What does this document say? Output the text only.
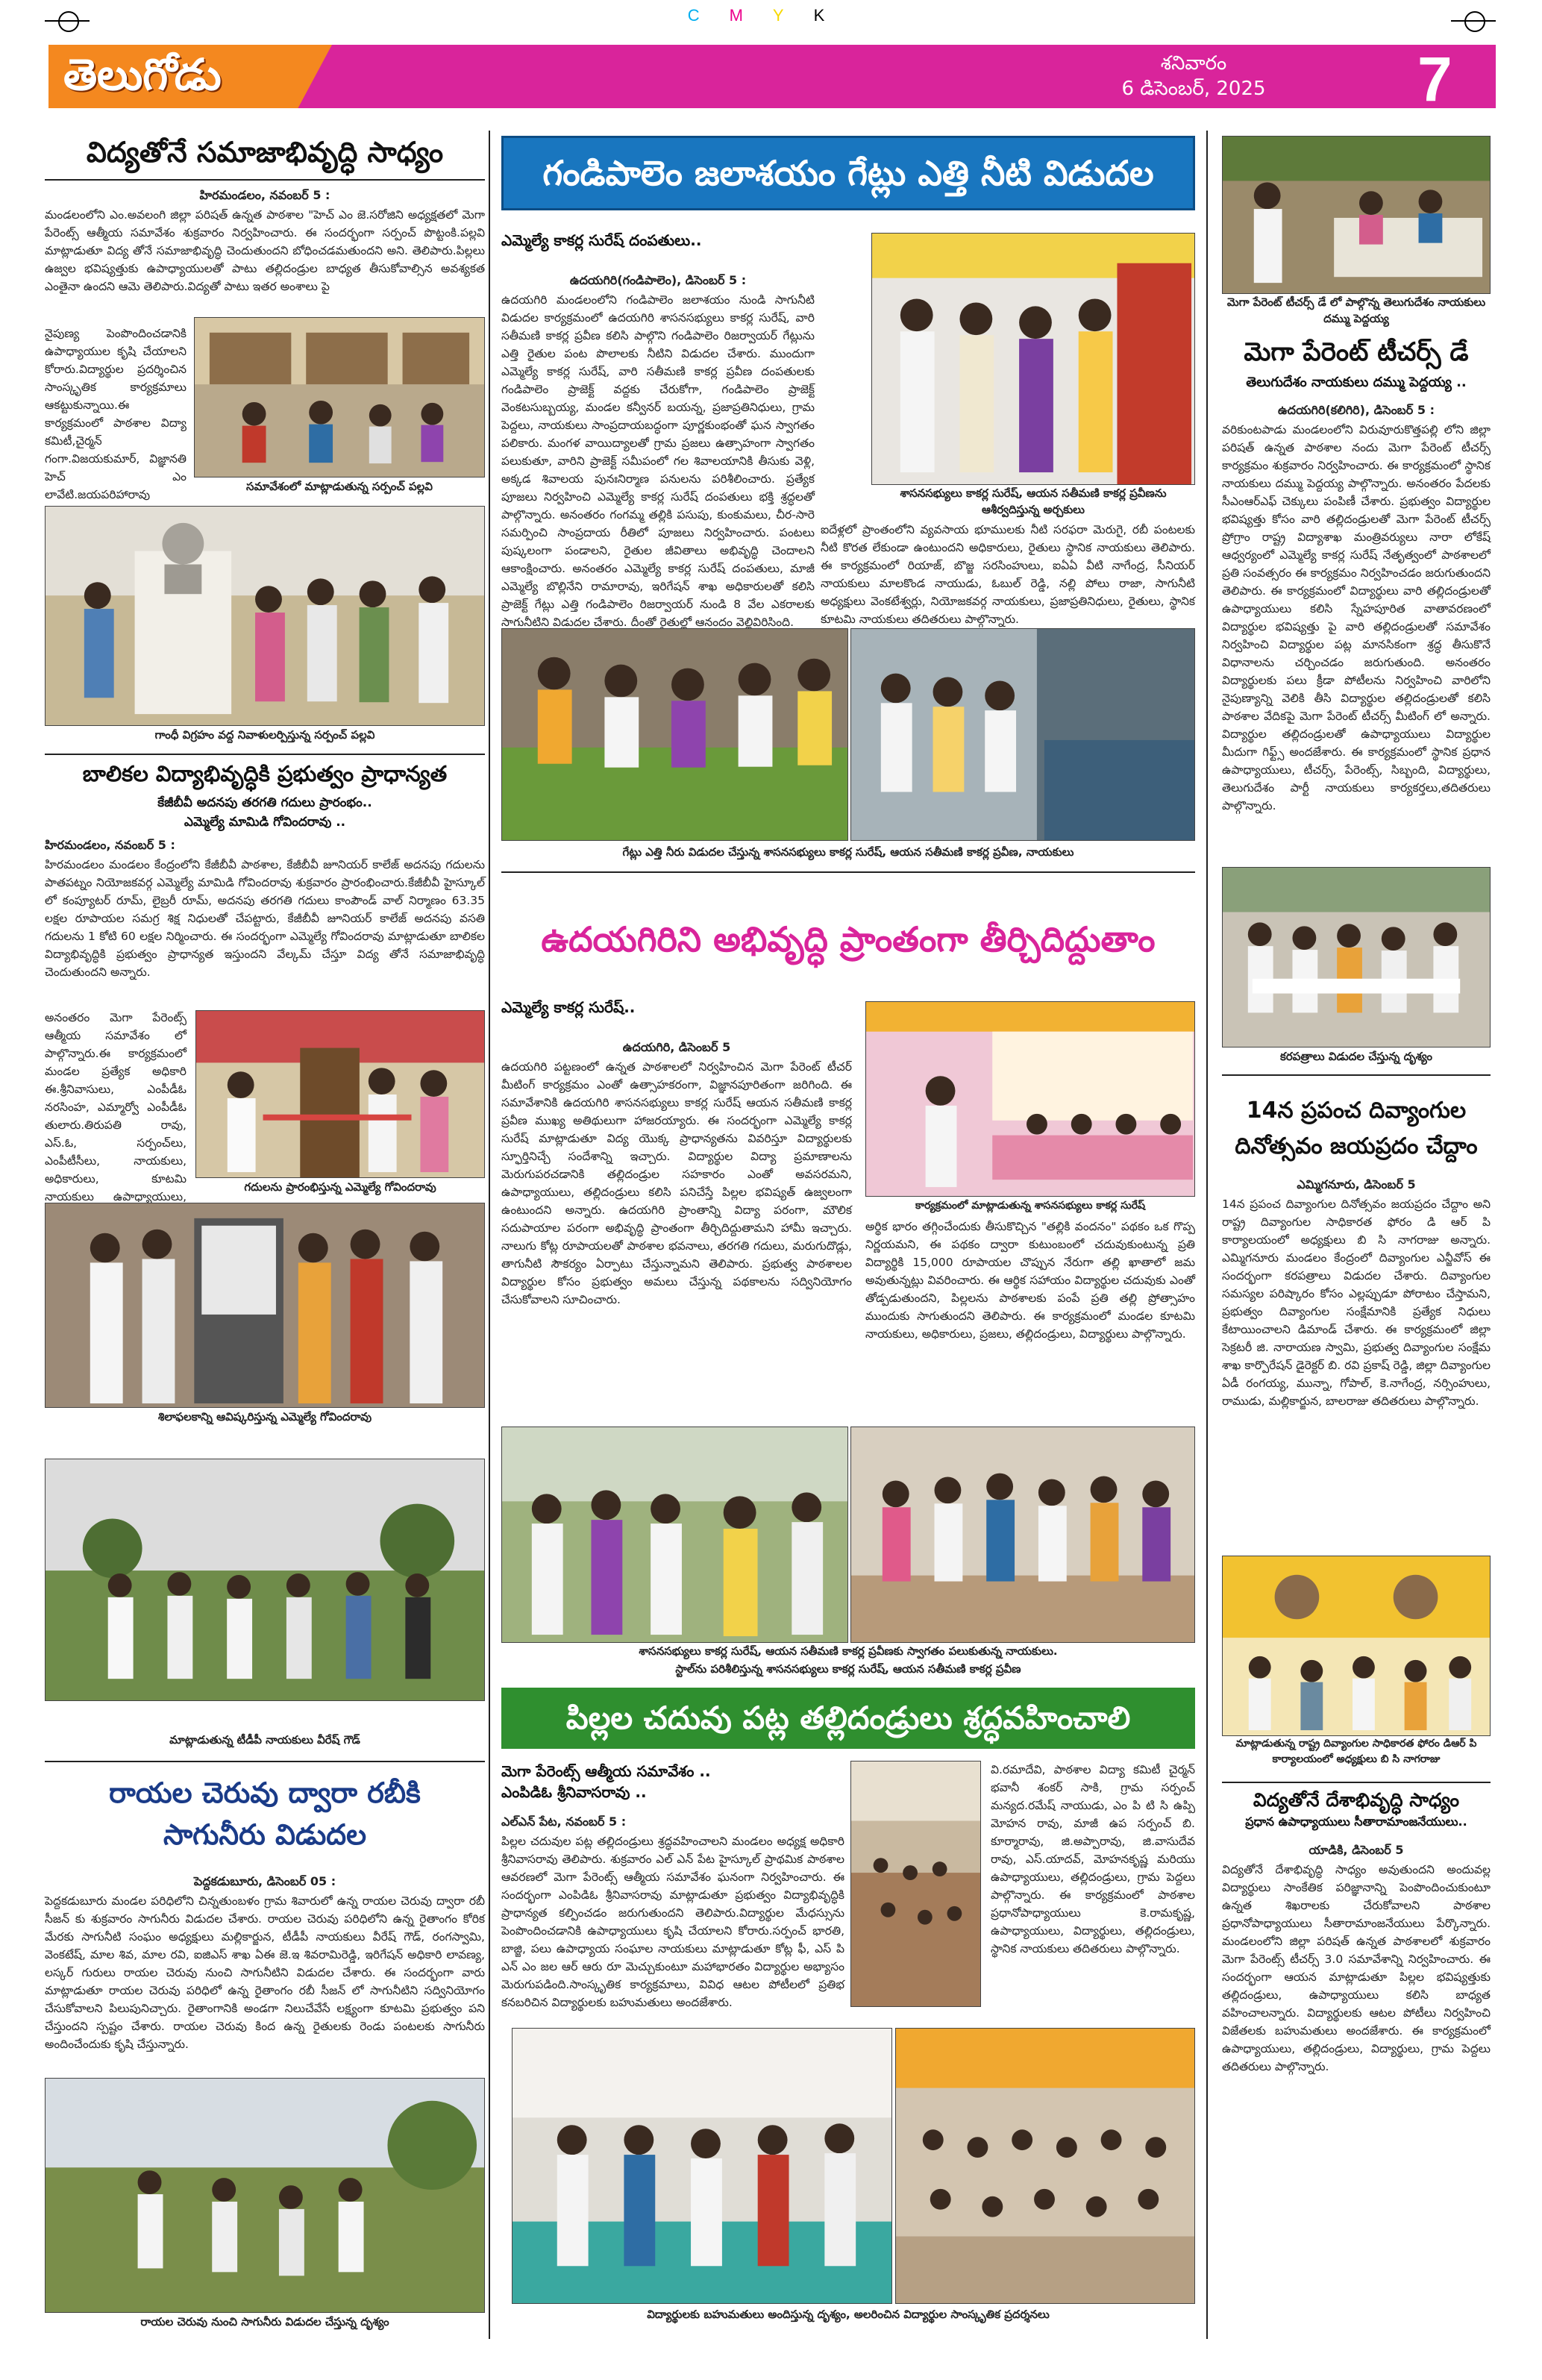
CMYK
తెలుగోడు	శనివారం
6 డిసెంబర్, 2025	7
విద్యతోనే సమాజాభివృద్ధి సాధ్యం
హిరమండలం, నవంబర్ 5 :

మండలంలోని ఎం.అవలంగి జిల్లా పరిషత్ ఉన్నత పాఠశాల "హెచ్ ఎం జె.సరోజిని అధ్యక్షతలో మెగా పేరెంట్స్ ఆత్మీయ సమావేశం శుక్రవారం నిర్వహించారు. ఈ సందర్భంగా సర్పంచ్ పొట్టంకి.పల్లవి మాట్లాడుతూ విద్య తోనే సమాజాభివృద్ధి చెందుతుందని బోధించడమతుందని అని. తెలిపారు.పిల్లలు ఉజ్వల భవిష్యత్తుకు ఉపాధ్యాయులతో పాటు తల్లిదండ్రుల బాధ్యత తీసుకోవాల్సిన అవశ్యకత ఎంతైనా ఉందని ఆమె తెలిపారు.విద్యతో పాటు ఇతర అంశాలు పై

నైపుణ్య పెంపొందించడానికి ఉపాధ్యాయుల కృషి చేయాలని కోరారు.విద్యార్థుల ప్రదర్శించిన సాంస్కృతిక కార్యక్రమాలు ఆకట్టుకున్నాయి.ఈ కార్యక్రమంలో పాఠశాల విద్యా కమిటీ,చైర్మన్ గంగా.విజయకుమార్, విజ్ఞానతి హెచ్ ఎం లావేటి.జయపరిహారావు

సమావేశంలో మాట్లాడుతున్న సర్పంచ్ పల్లవి
గాంధీ విగ్రహం వద్ద నివాళులర్పిస్తున్న సర్పంచ్ పల్లవి
బాలికల విద్యాభివృద్ధికి ప్రభుత్వం ప్రాధాన్యత
కేజీబీవీ అదనపు తరగతి గదులు ప్రారంభం..
ఎమ్మెల్యే మామిడి గోవిందరావు ..
హిరమండలం, నవంబర్ 5 :

హిరమండలం మండలం కేంద్రంలోని కేజీబీవీ పాఠశాల, కేజీబీవీ జూనియర్ కాలేజ్ అదనపు గదులను పాతపట్నం నియోజకవర్గ ఎమ్మెల్యే మామిడి గోవిందరావు శుక్రవారం ప్రారంభించారు.కేజీబీవీ హైస్కూల్ లో కంప్యూటర్ రూమ్, లైబ్రరీ రూమ్, అదనపు తరగతి గదులు కాంపౌండ్ వాల్ నిర్మాణం 63.35 లక్షల రూపాయల సమగ్ర శిక్ష నిధులతో చేపట్టారు, కేజీబీవీ జూనియర్ కాలేజ్ అదనపు వసతి గదులను 1 కోటి 60 లక్షల నిర్మించారు. ఈ సందర్భంగా ఎమ్మెల్యే గోవిందరావు మాట్లాడుతూ బాలికల విద్యాభివృద్ధికి ప్రభుత్వం ప్రాధాన్యత ఇస్తుందని వేల్కమ్ చేస్తూ విద్య తోనే సమాజాభివృద్ధి చెందుతుందని అన్నారు.

అనంతరం మెగా పేరెంట్స్ ఆత్మీయ సమావేశం లో పాల్గొన్నారు.ఈ కార్యక్రమంలో మండల ప్రత్యేక అధికారి ఈ.శ్రీనివాసులు, ఎంపీడీఓ నరసింహ, ఎమ్మార్వో ఎంపీడీఓ తులారు.తిరుపతి రావు, ఎస్.ఓ, సర్పంచ్‌లు, ఎంపీటీసీలు, నాయకులు, అధికారులు, కూటమి నాయకులు ఉపాధ్యాయులు,

గదులను ప్రారంభిస్తున్న ఎమ్మెల్యే గోవిందరావు
శిలాఫలకాన్ని ఆవిష్కరిస్తున్న ఎమ్మెల్యే గోవిందరావు
మాట్లాడుతున్న టీడీపీ నాయకులు వీరేష్ గౌడ్
రాయల చెరువు ద్వారా రబీకి సాగునీరు విడుదల
పెద్దకడుబూరు, డిసెంబర్ 05 :

పెద్దకడుబూరు మండల పరిధిలోని చిన్నతుంబళం గ్రామ శివారులో ఉన్న రాయల చెరువు ద్వారా రబీ సీజన్ కు శుక్రవారం సాగునీరు విడుదల చేశారు. రాయల చెరువు పరిధిలోని ఉన్న రైతాంగం కోరిక మేరకు సాగునీటి సంఘం అధ్యక్షులు మల్లికార్జున, టీడీపీ నాయకులు వీరేష్ గౌడ్, రంగస్వామి, వెంకటేష్, మాల శివ, మాల రవి, ఐజిఎస్ శాఖ ఏఈ జె.ఇ శివరామిరెడ్డి, ఇరిగేషన్ అధికారి లావణ్య, లస్కర్ గురులు రాయల చెరువు నుంచి సాగునీటిని విడుదల చేశారు. ఈ సందర్భంగా వారు మాట్లాడుతూ రాయల చెరువు పరిధిలో ఉన్న రైతాంగం రబీ సీజన్ లో సాగునీటిని సద్వినియోగం చేసుకోవాలని పిలుపునిచ్చారు. రైతాంగానికి అండగా నిలుచేవేసే లక్ష్యంగా కూటమి ప్రభుత్వం పని చేస్తుందని స్పష్టం చేశారు. రాయల చెరువు కింద ఉన్న రైతులకు రెండు పంటలకు సాగునీరు అందించేందుకు కృషి చేస్తున్నారు.

రాయల చెరువు నుంచి సాగునీరు విడుదల చేస్తున్న దృశ్యం
గండిపాలెం జలాశయం గేట్లు ఎత్తి నీటి విడుదల
ఎమ్మెల్యే కాకర్ల సురేష్ దంపతులు..
ఉదయగిరి(గండిపాలెం), డిసెంబర్ 5 :

ఉదయగిరి మండలంలోని గండిపాలెం జలాశయం నుండి సాగునీటి విడుదల కార్యక్రమంలో ఉదయగిరి శాసనసభ్యులు కాకర్ల సురేష్, వారి సతీమణి కాకర్ల ప్రవీణ కలిసి పాల్గొని గండిపాలెం రిజర్వాయర్ గేట్లును ఎత్తి రైతుల పంట పొలాలకు నీటిని విడుదల చేశారు. ముందుగా ఎమ్మెల్యే కాకర్ల సురేష్, వారి సతీమణి కాకర్ల ప్రవీణ దంపతులకు గండిపాలెం ప్రాజెక్ట్ వద్దకు చేరుకోగా, గండిపాలెం ప్రాజెక్ట్ వెంకటసుబ్బయ్య, మండల కన్వీనర్ బయన్న, ప్రజాప్రతినిధులు, గ్రామ పెద్దలు, నాయకులు సాంప్రదాయబద్ధంగా పూర్ణకుంభంతో ఘన స్వాగతం పలికారు. మంగళ వాయిద్యాలతో గ్రామ ప్రజలు ఉత్సాహంగా స్వాగతం పలుకుతూ, వారిని ప్రాజెక్ట్ సమీపంలో గల శివాలయానికి తీసుకు వెళ్లి, అక్కడ శివాలయ పునఃనిర్మాణ పనులను పరిశీలించారు. ప్రత్యేక పూజలు నిర్వహించి ఎమ్మెల్యే కాకర్ల సురేష్ దంపతులు భక్తి శ్రద్ధలతో పాల్గొన్నారు. అనంతరం గంగమ్మ తల్లికి పసుపు, కుంకుమలు, చీర-సారె సమర్పించి సాంప్రదాయ రీతిలో పూజలు నిర్వహించారు. పంటలు పుష్కలంగా పండాలని, రైతుల జీవితాలు అభివృద్ధి చెందాలని ఆకాంక్షించారు. అనంతరం ఎమ్మెల్యే కాకర్ల సురేష్ దంపతులు, మాజీ ఎమ్మెల్యే బొల్లినేని రామారావు, ఇరిగేషన్ శాఖ అధికారులతో కలిసి ప్రాజెక్ట్ గేట్లు ఎత్తి గండిపాలెం రిజర్వాయర్ నుండి 8 వేల ఎకరాలకు సాగునీటిని విడుదల చేశారు. దీంతో రైతుల్లో ఆనందం వెల్లివిరిసింది.

శాసనసభ్యులు కాకర్ల సురేష్, ఆయన సతీమణి కాకర్ల ప్రవీణను ఆశీర్వదిస్తున్న అర్చకులు

ఐదేళ్లలో ప్రాంతంలోని వ్యవసాయ భూములకు నీటి సరఫరా మెరుగై, రబీ పంటలకు నీటి కొరత లేకుండా ఉంటుందని అధికారులు, రైతులు స్థానిక నాయకులు తెలిపారు. ఈ కార్యక్రమంలో రియాజ్, బొజ్జ సరసింహులు, ఐఏఏ వీటి నాగేంద్ర, సీనియర్ నాయకులు మాలకొండ నాయుడు, ఓబుల్ రెడ్డి, నల్లి పోలు రాజా, సాగునీటి అధ్యక్షులు వెంకటేశ్వర్లు, నియోజకవర్గ నాయకులు, ప్రజాప్రతినిధులు, రైతులు, స్థానిక కూటమి నాయకులు తదితరులు పాల్గొన్నారు.

గేట్లు ఎత్తి నీరు విడుదల చేస్తున్న శాసనసభ్యులు కాకర్ల సురేష్, ఆయన సతీమణి కాకర్ల ప్రవీణ, నాయకులు
ఉదయగిరిని అభివృద్ధి ప్రాంతంగా తీర్చిదిద్దుతాం
ఎమ్మెల్యే కాకర్ల సురేష్..
ఉదయగిరి, డిసెంబర్ 5

ఉదయగిరి పట్టణంలో ఉన్నత పాఠశాలలో నిర్వహించిన మెగా పేరెంట్ టీచర్ మీటింగ్ కార్యక్రమం ఎంతో ఉత్సాహకరంగా, విజ్ఞానపూరితంగా జరిగింది. ఈ సమావేశానికి ఉదయగిరి శాసనసభ్యులు కాకర్ల సురేష్ ఆయన సతీమణి కాకర్ల ప్రవీణ ముఖ్య అతిథులుగా హాజరయ్యారు. ఈ సందర్భంగా ఎమ్మెల్యే కాకర్ల సురేష్ మాట్లాడుతూ విద్య యొక్క ప్రాధాన్యతను వివరిస్తూ విద్యార్థులకు స్ఫూర్తినిచ్చే సందేశాన్ని ఇచ్చారు. విద్యార్థుల విద్యా ప్రమాణాలను మెరుగుపరచడానికి తల్లిదండ్రుల సహకారం ఎంతో అవసరమని, ఉపాధ్యాయులు, తల్లిదండ్రులు కలిసి పనిచేస్తే పిల్లల భవిష్యత్ ఉజ్వలంగా ఉంటుందని అన్నారు. ఉదయగిరి ప్రాంతాన్ని విద్యా పరంగా, మౌలిక సదుపాయాల పరంగా అభివృద్ధి ప్రాంతంగా తీర్చిదిద్దుతామని హామీ ఇచ్చారు. నాలుగు కోట్ల రూపాయలతో పాఠశాల భవనాలు, తరగతి గదులు, మరుగుదొడ్లు, తాగునీటి సౌకర్యం ఏర్పాటు చేస్తున్నామని తెలిపారు. ప్రభుత్వ పాఠశాలల విద్యార్థుల కోసం ప్రభుత్వం అమలు చేస్తున్న పథకాలను సద్వినియోగం చేసుకోవాలని సూచించారు.

కార్యక్రమంలో మాట్లాడుతున్న శాసనసభ్యులు కాకర్ల సురేష్

అర్థిక భారం తగ్గించేందుకు తీసుకొచ్చిన "తల్లికి వందనం" పథకం ఒక గొప్ప నిర్ణయమని, ఈ పథకం ద్వారా కుటుంబంలో చదువుకుంటున్న ప్రతి విద్యార్థికి 15,000 రూపాయల చొప్పున నేరుగా తల్లి ఖాతాలో జమ అవుతున్నట్లు వివరించారు. ఈ ఆర్థిక సహాయం విద్యార్థుల చదువుకు ఎంతో తోడ్పడుతుందని, పిల్లలను పాఠశాలకు పంపే ప్రతి తల్లి ప్రోత్సాహం ముందుకు సాగుతుందని తెలిపారు. ఈ కార్యక్రమంలో మండల కూటమి నాయకులు, అధికారులు, ప్రజలు, తల్లిదండ్రులు, విద్యార్థులు పాల్గొన్నారు.

శాసనసభ్యులు కాకర్ల సురేష్, ఆయన సతీమణి కాకర్ల ప్రవీణకు స్వాగతం పలుకుతున్న నాయకులు.
స్టాల్‌ను పరిశీలిస్తున్న శాసనసభ్యులు కాకర్ల సురేష్, ఆయన సతీమణి కాకర్ల ప్రవీణ
పిల్లల చదువు పట్ల తల్లిదండ్రులు శ్రద్ధవహించాలి
మెగా పేరెంట్స్ ఆత్మీయ సమావేశం ..
ఎంపిడిఓ శ్రీనివాసరావు ..
ఎల్ఎన్ పేట, నవంబర్ 5 :

పిల్లల చదువుల పట్ల తల్లిదండ్రులు శ్రద్ధవహించాలని మండలం అధ్యక్ష అధికారి శ్రీనివాసరావు తెలిపారు. శుక్రవారం ఎల్ ఎన్ పేట హైస్కూల్ ప్రాథమిక పాఠశాల ఆవరణలో మెగా పేరెంట్స్ ఆత్మీయ సమావేశం ఘనంగా నిర్వహించారు. ఈ సందర్భంగా ఎంపిడిఓ శ్రీనివాసరావు మాట్లాడుతూ ప్రభుత్వం విద్యాభివృద్ధికి ప్రాధాన్యత కల్పించడం జరుగుతుందని తెలిపారు.విద్యార్థుల మేధస్సును పెంపొందించడానికి ఉపాధ్యాయులు కృషి చేయాలని కోరారు.సర్పంచ్ భారతి, బాజ్జి, పలు ఉపాధ్యాయ సంఘాల నాయకులు మాట్లాడుతూ కోట్ల ఫీ, ఎస్ పి ఎన్ ఎం జల ఆర్ ఆరు రూ మెచ్చుకుంటూ మహాభారతం విద్యార్థుల అభ్యాసం మెరుగుపడింది.సాంస్కృతిక కార్యక్రమాలు, వివిధ ఆటల పోటీలలో ప్రతిభ కనబరిచిన విద్యార్థులకు బహుమతులు అందజేశారు.

వి.రమాదేవి, పాఠశాల విద్యా కమిటీ చైర్మన్ భవానీ శంకర్ సాకి, గ్రామ సర్పంచ్ మన్యద.రమేష్ నాయుడు, ఎం పి టి సి ఉప్పి మోహన రావు, మాజీ ఉప సర్పంచ్ బి. కూర్మారావు, జి.అప్పారావు, జి.వాసుదేవ రావు, ఎస్.యాదవ్, మోహనకృష్ణ మరియు ఉపాధ్యాయులు, తల్లిదండ్రులు, గ్రామ పెద్దలు పాల్గొన్నారు. ఈ కార్యక్రమంలో పాఠశాల ప్రధానోపాధ్యాయులు కె.రామకృష్ణ, ఉపాధ్యాయులు, విద్యార్థులు, తల్లిదండ్రులు, స్థానిక నాయకులు తదితరులు పాల్గొన్నారు.

విద్యార్థులకు బహుమతులు అందిస్తున్న దృశ్యం, అలరించిన విద్యార్థుల సాంస్కృతిక ప్రదర్శనలు
మెగా పేరెంట్ టీచర్స్ డే లో పాల్గొన్న తెలుగుదేశం నాయకులు దమ్ము పెద్దయ్య
మెగా పేరెంట్ టీచర్స్ డే
తెలుగుదేశం నాయకులు దమ్ము పెద్దయ్య ..
ఉదయగిరి(కలిగిరి), డిసెంబర్ 5 :

వరికుంటపాడు మండలంలోని విరువూరుకొత్తపల్లి లోని జిల్లా పరిషత్ ఉన్నత పాఠశాల నందు మెగా పేరెంట్ టీచర్స్ కార్యక్రమం శుక్రవారం నిర్వహించారు. ఈ కార్యక్రమంలో స్థానిక నాయకులు దమ్ము పెద్దయ్య పాల్గొన్నారు. అనంతరం పేదలకు సీఎంఆర్ఎఫ్ చెక్కులు పంపిణీ చేశారు. ప్రభుత్వం విద్యార్థుల భవిష్యత్తు కోసం వారి తల్లిదండ్రులతో మెగా పేరెంట్ టీచర్స్ ప్రోగ్రాం రాష్ట్ర విద్యాశాఖ మంత్రివర్యులు నారా లోకేష్ ఆధ్వర్యంలో ఎమ్మెల్యే కాకర్ల సురేష్ నేతృత్వంలో పాఠశాలలో ప్రతి సంవత్సరం ఈ కార్యక్రమం నిర్వహించడం జరుగుతుందని తెలిపారు. ఈ కార్యక్రమంలో విద్యార్థులు వారి తల్లిదండ్రులతో ఉపాధ్యాయులు కలిసి స్నేహపూరిత వాతావరణంలో విద్యార్థుల భవిష్యత్తు పై వారి తల్లిదండ్రులతో సమావేశం నిర్వహించి విద్యార్థుల పట్ల మానసికంగా శ్రద్ధ తీసుకొనే విధానాలను చర్చించడం జరుగుతుంది. అనంతరం విద్యార్థులకు పలు క్రీడా పోటీలను నిర్వహించి వారిలోని నైపుణ్యాన్ని వెలికి తీసి విద్యార్థుల తల్లిదండ్రులతో కలిసి పాఠశాల వేదికపై మెగా పేరెంట్ టీచర్స్ మీటింగ్ లో అన్నారు. విద్యార్థుల తల్లిదండ్రులతో ఉపాధ్యాయులు విద్యార్థుల మీదుగా గిఫ్ట్స్ అందజేశారు. ఈ కార్యక్రమంలో స్థానిక ప్రధాన ఉపాధ్యాయులు, టీచర్స్, పేరెంట్స్, సిబ్బంది, విద్యార్థులు, తెలుగుదేశం పార్టీ నాయకులు కార్యకర్తలు,తదితరులు పాల్గొన్నారు.

కరపత్రాలు విడుదల చేస్తున్న దృశ్యం
14న ప్రపంచ దివ్యాంగుల దినోత్సవం జయప్రదం చేద్దాం
ఎమ్మిగనూరు, డిసెంబర్ 5

14న ప్రపంచ దివ్యాంగుల దినోత్సవం జయప్రదం చేద్దాం అని రాష్ట్ర దివ్యాంగుల సాధికారత ఫోరం డి ఆర్ పి కార్యాలయంలో అధ్యక్షులు బి సి నాగరాజు అన్నారు. ఎమ్మిగనూరు మండలం కేంద్రంలో దివ్యాంగుల ఎన్జీవోస్ ఈ సందర్భంగా కరపత్రాలు విడుదల చేశారు. దివ్యాంగుల సమస్యల పరిష్కారం కోసం ఎల్లప్పుడూ పోరాటం చేస్తామని, ప్రభుత్వం దివ్యాంగుల సంక్షేమానికి ప్రత్యేక నిధులు కేటాయించాలని డిమాండ్ చేశారు. ఈ కార్యక్రమంలో జిల్లా సెక్రటరీ జి. నారాయణ స్వామి, ప్రభుత్వ దివ్యాంగుల సంక్షేమ శాఖ కార్పొరేషన్ డైరెక్టర్ బి. రవి ప్రకాష్ రెడ్డి, జిల్లా దివ్యాంగుల ఏడీ రంగయ్య, మున్నా, గోపాల్, కె.నాగేంద్ర, నర్సింహులు, రాముడు, మల్లికార్జున, బాలరాజు తదితరులు పాల్గొన్నారు.

మాట్లాడుతున్న రాష్ట్ర దివ్యాంగుల సాధికారత ఫోరం డిఆర్ పి కార్యాలయంలో అధ్యక్షులు బి సి నాగరాజు
విద్యతోనే దేశాభివృద్ధి సాధ్యం
ప్రధాన ఉపాధ్యాయులు సీతారామాంజనేయులు..
యాడికి, డిసెంబర్ 5

విద్యతోనే దేశాభివృద్ధి సాధ్యం అవుతుందని అందువల్ల విద్యార్థులు సాంకేతిక పరిజ్ఞానాన్ని పెంపొందించుకుంటూ ఉన్నత శిఖరాలకు చేరుకోవాలని పాఠశాల ప్రధానోపాధ్యాయులు సీతారామాంజనేయులు పేర్కొన్నారు. మండలంలోని జిల్లా పరిషత్ ఉన్నత పాఠశాలలో శుక్రవారం మెగా పేరెంట్స్ టీచర్స్ 3.0 సమావేశాన్ని నిర్వహించారు. ఈ సందర్భంగా ఆయన మాట్లాడుతూ పిల్లల భవిష్యత్తుకు తల్లిదండ్రులు, ఉపాధ్యాయులు కలిసి బాధ్యత వహించాలన్నారు. విద్యార్థులకు ఆటల పోటీలు నిర్వహించి విజేతలకు బహుమతులు అందజేశారు. ఈ కార్యక్రమంలో ఉపాధ్యాయులు, తల్లిదండ్రులు, విద్యార్థులు, గ్రామ పెద్దలు తదితరులు పాల్గొన్నారు.
